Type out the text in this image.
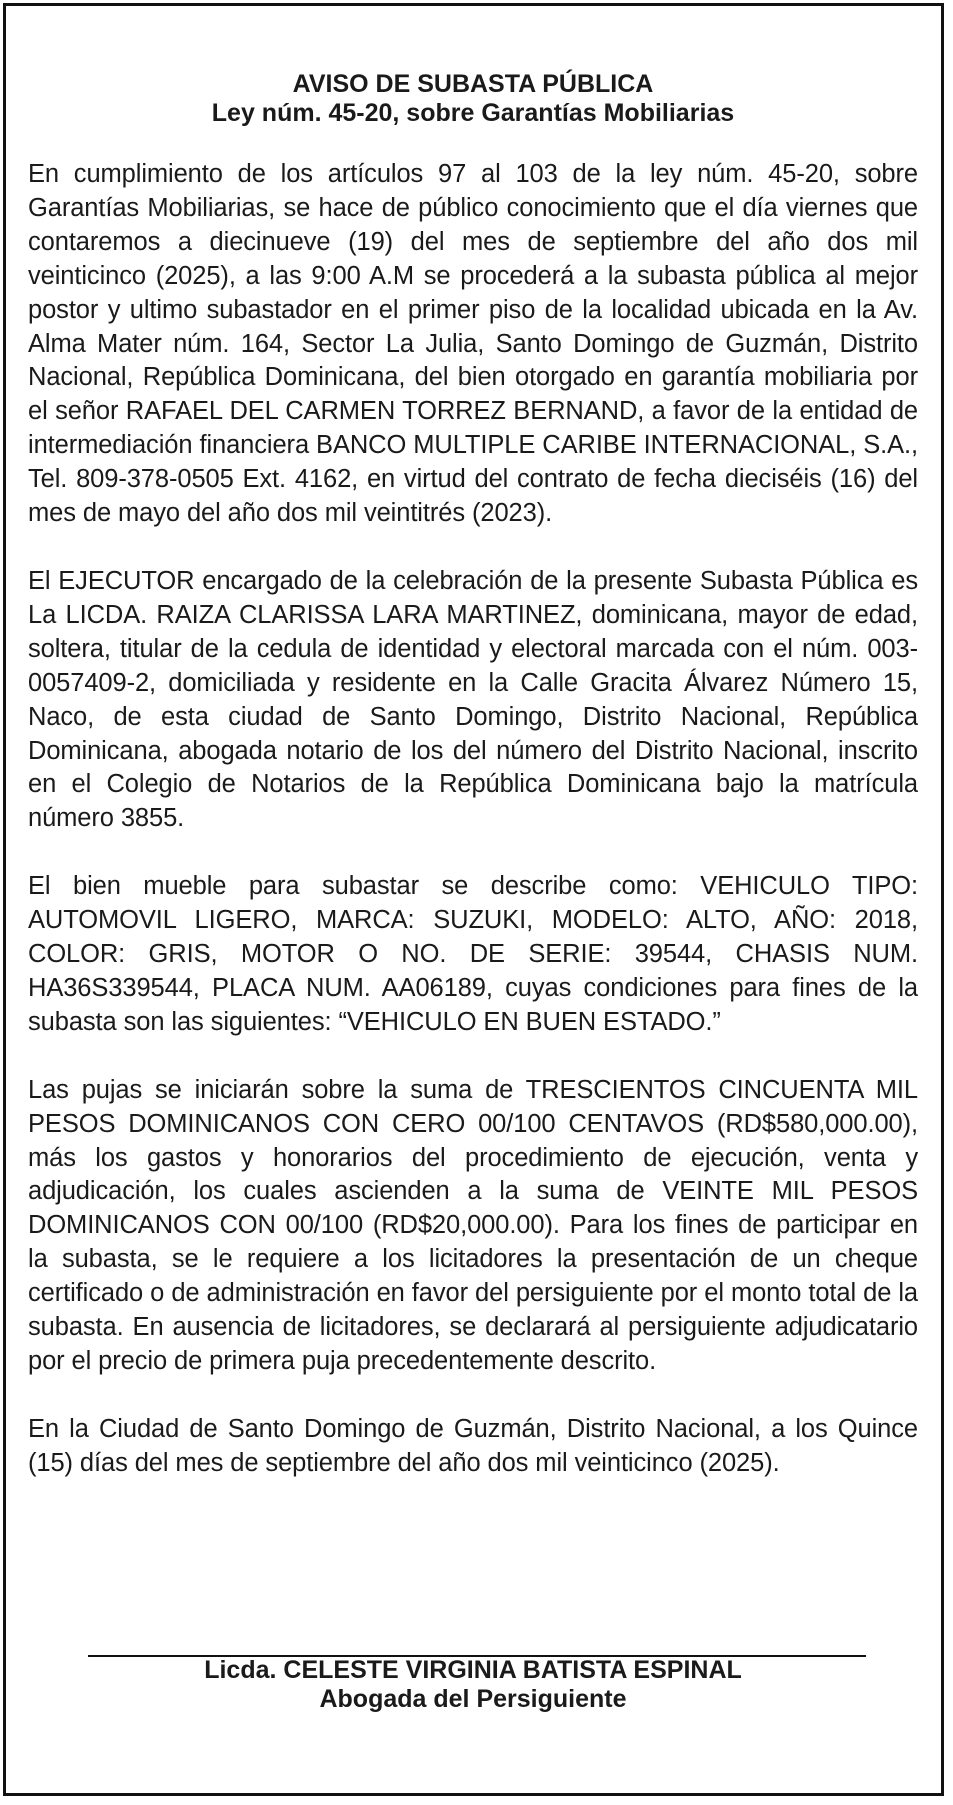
AVISO DE SUBASTA PÚBLICA
Ley núm. 45-20, sobre Garantías Mobiliarias

En cumplimiento de los artículos 97 al 103 de la ley núm. 45-20, sobre Garantías Mobiliarias, se hace de público conocimiento que el día viernes que contaremos a diecinueve (19) del mes de septiembre del año dos mil veinticinco (2025), a las 9:00 A.M se procederá a la subasta pública al mejor postor y ultimo subastador en el primer piso de la localidad ubicada en la Av. Alma Mater núm. 164, Sector La Julia, Santo Domingo de Guzmán, Distrito Nacional, República Dominicana, del bien otorgado en garantía mobiliaria por el señor RAFAEL DEL CARMEN TORREZ BERNAND, a favor de la entidad de intermediación financiera BANCO MULTIPLE CARIBE INTERNACIONAL, S.A., Tel. 809-378-0505 Ext. 4162, en virtud del contrato de fecha dieciséis (16) del mes de mayo del año dos mil veintitrés (2023).

El EJECUTOR encargado de la celebración de la presente Subasta Pública es La LICDA. RAIZA CLARISSA LARA MARTINEZ, dominicana, mayor de edad, soltera, titular de la cedula de identidad y electoral marcada con el núm. 003-0057409-2, domiciliada y residente en la Calle Gracita Álvarez Número 15, Naco, de esta ciudad de Santo Domingo, Distrito Nacional, República Dominicana, abogada notario de los del número del Distrito Nacional, inscrito en el Colegio de Notarios de la República Dominicana bajo la matrícula número 3855.

El bien mueble para subastar se describe como: VEHICULO TIPO: AUTOMOVIL LIGERO, MARCA: SUZUKI, MODELO: ALTO, AÑO: 2018, COLOR: GRIS, MOTOR O NO. DE SERIE: 39544, CHASIS NUM. HA36S339544, PLACA NUM. AA06189, cuyas condiciones para fines de la subasta son las siguientes: “VEHICULO EN BUEN ESTADO.”

Las pujas se iniciarán sobre la suma de TRESCIENTOS CINCUENTA MIL PESOS DOMINICANOS CON CERO 00/100 CENTAVOS (RD$580,000.00), más los gastos y honorarios del procedimiento de ejecución, venta y adjudicación, los cuales ascienden a la suma de VEINTE MIL PESOS DOMINICANOS CON 00/100 (RD$20,000.00). Para los fines de participar en la subasta, se le requiere a los licitadores la presentación de un cheque certificado o de administración en favor del persiguiente por el monto total de la subasta. En ausencia de licitadores, se declarará al persiguiente adjudicatario por el precio de primera puja precedentemente descrito.

En la Ciudad de Santo Domingo de Guzmán, Distrito Nacional, a los Quince (15) días del mes de septiembre del año dos mil veinticinco (2025).

Licda. CELESTE VIRGINIA BATISTA ESPINAL
Abogada del Persiguiente
